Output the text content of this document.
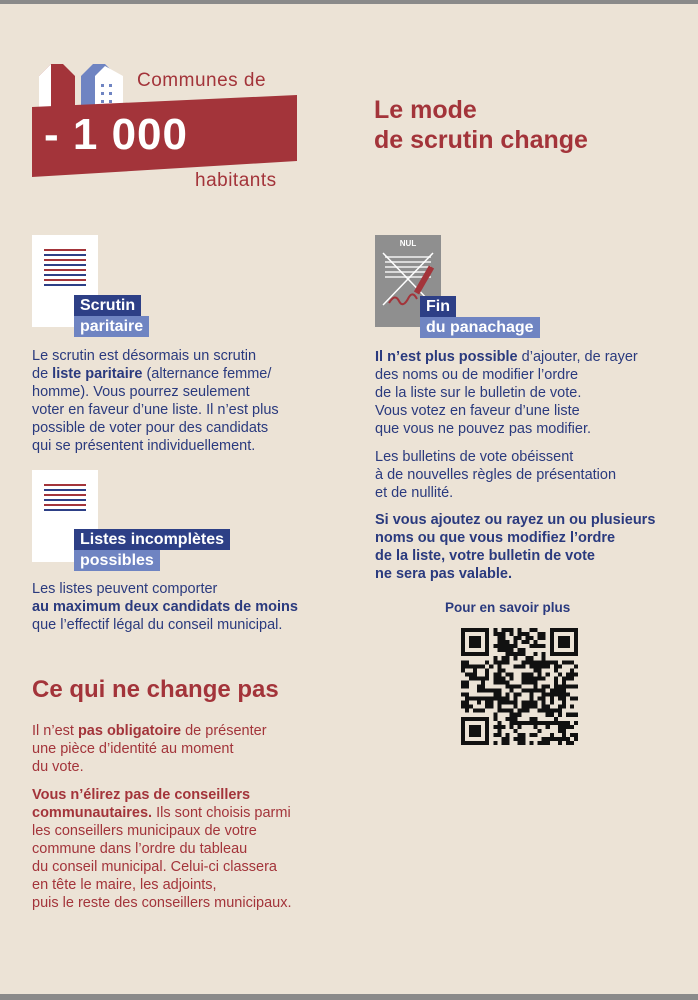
Communes de
- 1 000
habitants
Le mode
de scrutin change
Scrutin
paritaire

Le scrutin est désormais un scrutin
de liste paritaire (alternance femme/
homme). Vous pourrez seulement
voter en faveur d’une liste. Il n’est plus
possible de voter pour des candidats
qui se présentent individuellement.

Listes incomplètes
possibles

Les listes peuvent comporter
au maximum deux candidats de moins
que l’effectif légal du conseil municipal.

Ce qui ne change pas

Il n’est pas obligatoire de présenter
une pièce d’identité au moment
du vote.

Vous n’élirez pas de conseillers
communautaires. Ils sont choisis parmi
les conseillers municipaux de votre
commune dans l’ordre du tableau
du conseil municipal. Celui-ci classera
en tête le maire, les adjoints,
puis le reste des conseillers municipaux.

NUL
Fin
du panachage

Il n’est plus possible d’ajouter, de rayer
des noms ou de modifier l’ordre
de la liste sur le bulletin de vote.
Vous votez en faveur d’une liste
que vous ne pouvez pas modifier.

Les bulletins de vote obéissent
à de nouvelles règles de présentation
et de nullité.

Si vous ajoutez ou rayez un ou plusieurs
noms ou que vous modifiez l’ordre
de la liste, votre bulletin de vote
ne sera pas valable.

Pour en savoir plus
